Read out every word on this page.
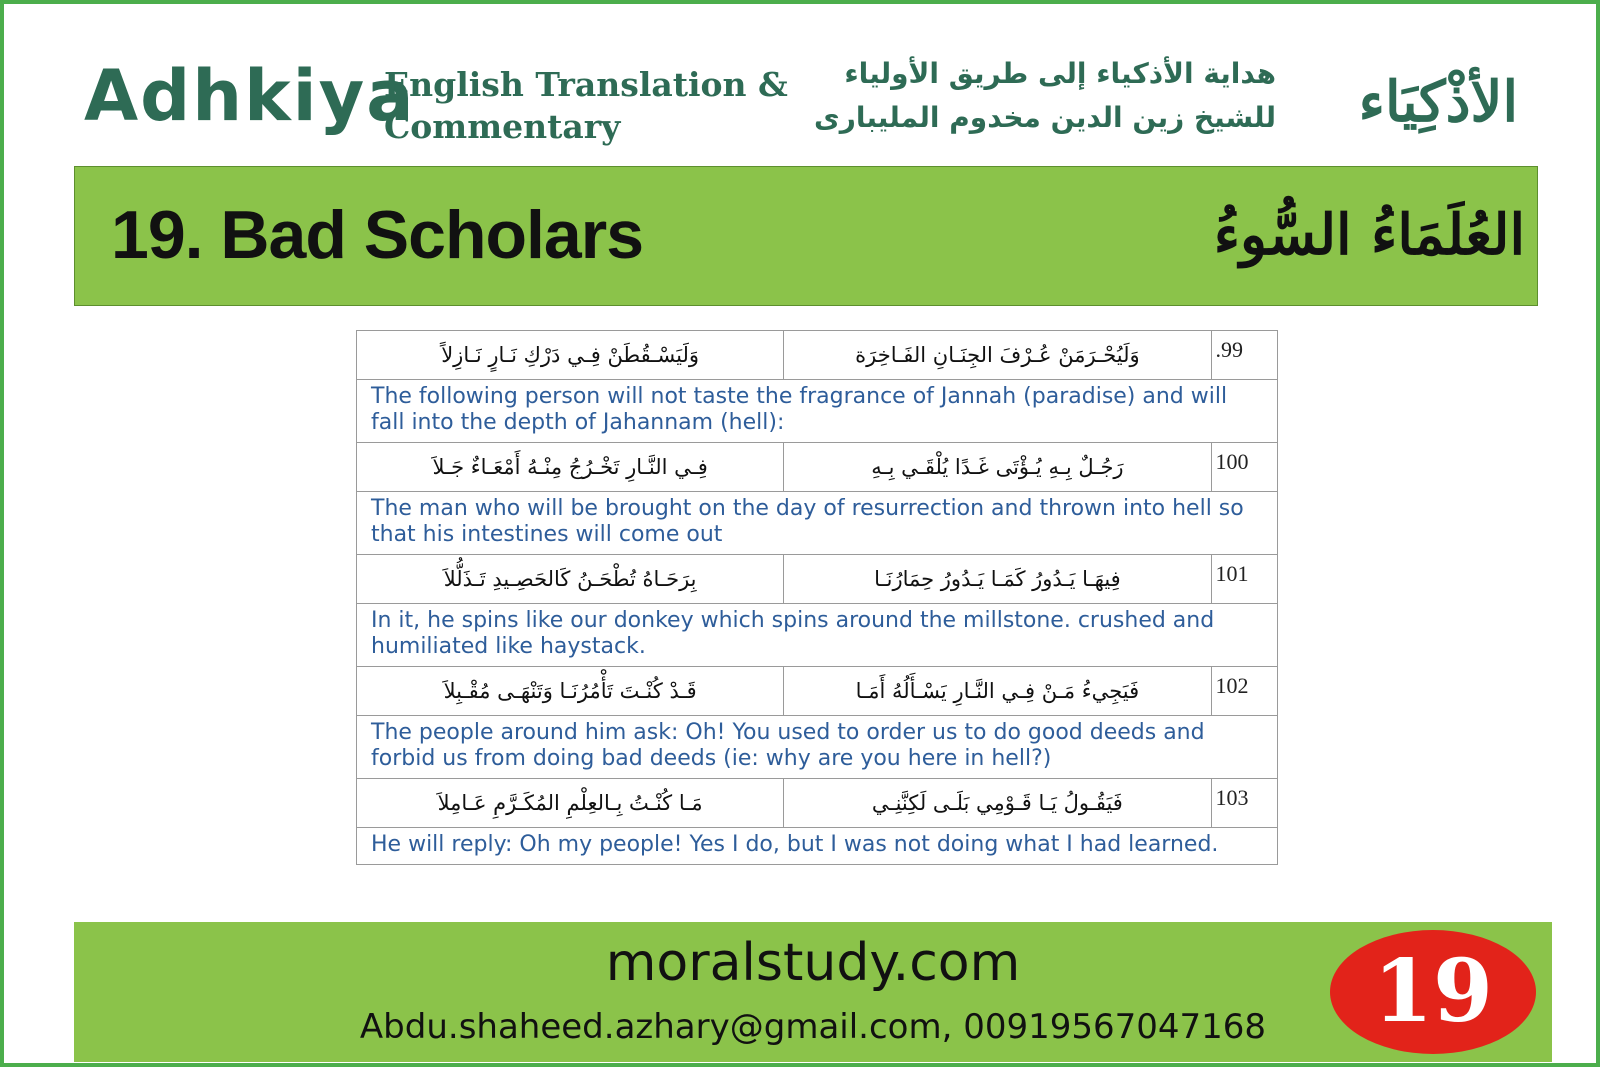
Adhkiya
English Translation &
Commentary
هداية الأذكياء إلى طريق الأولياء
للشيخ زين الدين مخدوم المليبارى الأذْكِيَاء
19. Bad Scholars	العُلَمَاءُ السُّوءُ
وَلَيَسْـقُطَنْ فِـي دَرْكِ نَـارٍ نَـازِلاً	وَلَيُحْـرَمَنْ عُـرْفَ الجِنَـانِ الفَـاخِرَة	.99
The following person will not taste the fragrance of Jannah (paradise) and will fall into the depth of Jahannam (hell):		
فِـي النَّـارِ تَخْـرُجُ مِنْـهُ أَمْعَـاءٌ جَـلاَ	رَجُـلٌ بِـهِ يُـؤْتَى غَـدًا يُلْقَـي بِـهِ	100
The man who will be brought on the day of resurrection and thrown into hell so that his intestines will come out		
بِرَحَـاهُ تُطْحَـنُ كَالحَصِـيدِ تَـذَلُّلاَ	فِيهَـا يَـدُورُ كَمَـا يَـدُورُ حِمَارُنَـا	101
In it, he spins like our donkey which spins around the millstone. crushed and humiliated like haystack.		
قَـدْ كُنْـتَ تَأْمُرُنَـا وَتَنْهَـى مُقْـبِلاَ	فَيَجِيءُ مَـنْ فِـي النَّـارِ يَسْـأَلُهُ أَمَـا	102
The people around him ask: Oh! You used to order us to do good deeds and forbid us from doing bad deeds (ie: why are you here in hell?)		
مَـا كُنْـتُ بِـالعِلْمِ المُكَـرَّمِ عَـامِلاَ	فَيَقُـولُ يَـا قَـوْمِي بَلَـى لَكِنَّنِـي	103
He will reply: Oh my people! Yes I do, but I was not doing what I had learned.		
moralstudy.com
Abdu.shaheed.azhary@gmail.com, 00919567047168	19
